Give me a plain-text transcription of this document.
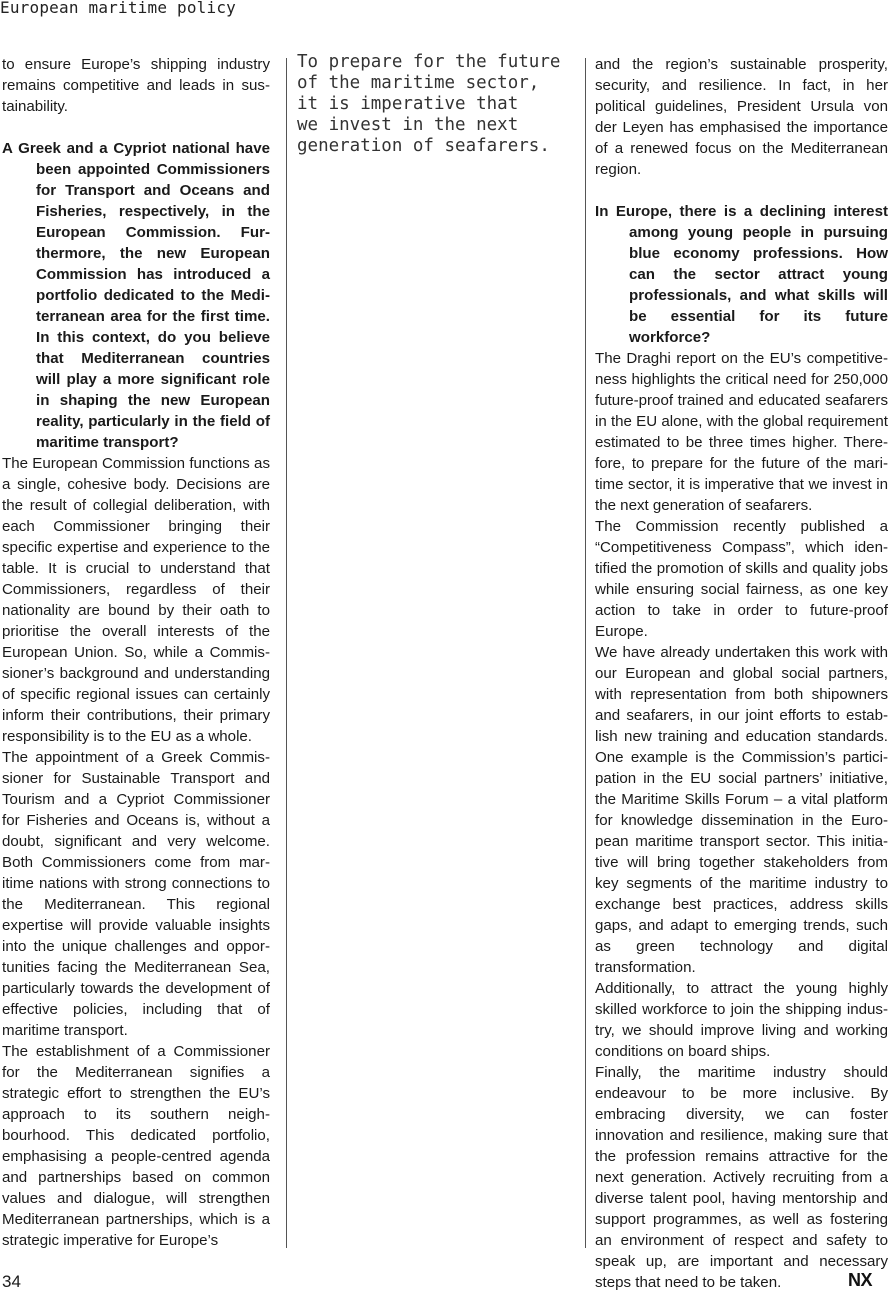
European maritime policy

to ensure Europe’s shipping industry remains competitive and leads in sustainability.

A Greek and a Cypriot national have been appointed Commissioners for Transport and Oceans and Fisheries, respectively, in the European Commission. Furthermore, the new European Commission has introduced a portfolio dedicated to the Mediterranean area for the first time. In this context, do you believe that Mediterranean countries will play a more significant role in shaping the new European reality, particularly in the field of maritime transport?

The European Commission functions as a single, cohesive body. Decisions are the result of collegial deliberation, with each Commissioner bringing their specific expertise and experience to the table. It is crucial to understand that Commissioners, regardless of their nationality are bound by their oath to prioritise the overall interests of the European Union. So, while a Commissioner’s background and understanding of specific regional issues can certainly inform their contributions, their primary responsibility is to the EU as a whole.

The appointment of a Greek Commissioner for Sustainable Transport and Tourism and a Cypriot Commissioner for Fisheries and Oceans is, without a doubt, significant and very welcome. Both Commissioners come from maritime nations with strong connections to the Mediterranean. This regional expertise will provide valuable insights into the unique challenges and opportunities facing the Mediterranean Sea, particularly towards the development of effective policies, including that of maritime transport.

The establishment of a Commissioner for the Mediterranean signifies a strategic effort to strengthen the EU’s approach to its southern neighbourhood. This dedicated portfolio, emphasising a people-centred agenda and partnerships based on common values and dialogue, will strengthen Mediterranean partnerships, which is a strategic imperative for Europe’s

To prepare for the future
of the maritime sector,
it is imperative that
we invest in the next
generation of seafarers.

and the region’s sustainable prosperity, security, and resilience. In fact, in her political guidelines, President Ursula von der Leyen has emphasised the importance of a renewed focus on the Mediterranean region.

In Europe, there is a declining interest among young people in pursuing blue economy professions. How can the sector attract young professionals, and what skills will be essential for its future workforce?

The Draghi report on the EU’s competitiveness highlights the critical need for 250,000 future-proof trained and educated seafarers in the EU alone, with the global requirement estimated to be three times higher. Therefore, to prepare for the future of the maritime sector, it is imperative that we invest in the next generation of seafarers.

The Commission recently published a “Competitiveness Compass”, which identified the promotion of skills and quality jobs while ensuring social fairness, as one key action to take in order to future-proof Europe.

We have already undertaken this work with our European and global social partners, with representation from both shipowners and seafarers, in our joint efforts to establish new training and education standards. One example is the Commission’s participation in the EU social partners’ initiative, the Maritime Skills Forum – a vital platform for knowledge dissemination in the European maritime transport sector. This initiative will bring together stakeholders from key segments of the maritime industry to exchange best practices, address skills gaps, and adapt to emerging trends, such as green technology and digital transformation.

Additionally, to attract the young highly skilled workforce to join the shipping industry, we should improve living and working conditions on board ships.

Finally, the maritime industry should endeavour to be more inclusive. By embracing diversity, we can foster innovation and resilience, making sure that the profession remains attractive for the next generation. Actively recruiting from a diverse talent pool, having mentorship and support programmes, as well as fostering an environment of respect and safety to speak up, are important and necessary steps that need to be taken.

34	NX
